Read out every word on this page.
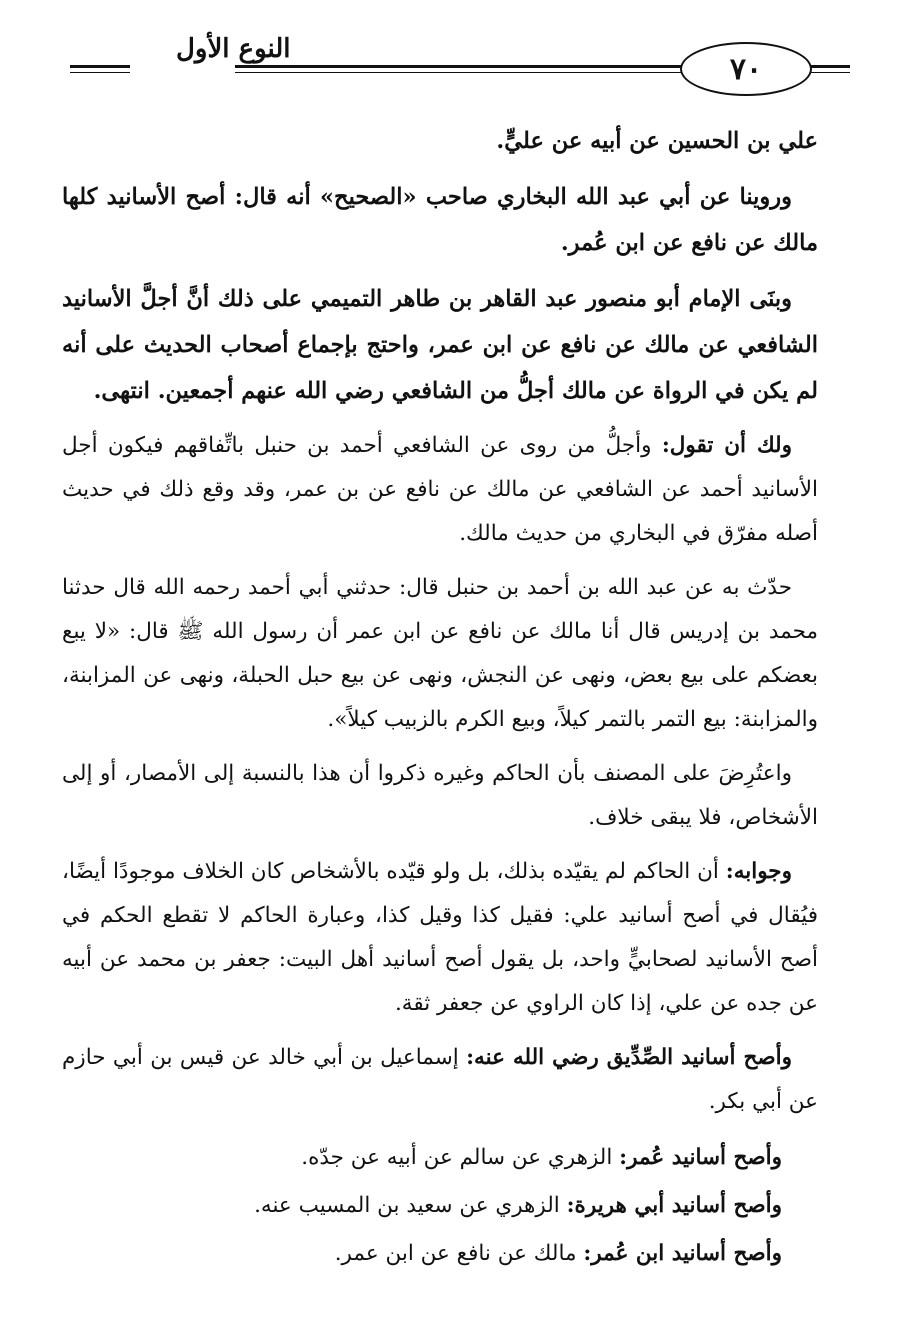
٧٠
النوع الأول

علي بن الحسين عن أبيه عن عليٍّ.

وروينا عن أبي عبد الله البخاري صاحب «الصحيح» أنه قال: أصح الأسانيد كلها مالك عن نافع عن ابن عُمر.

وبنَى الإمام أبو منصور عبد القاهر بن طاهر التميمي على ذلك أنَّ أجلَّ الأسانيد الشافعي عن مالك عن نافع عن ابن عمر، واحتج بإجماع أصحاب الحديث على أنه لم يكن في الرواة عن مالك أجلُّ من الشافعي رضي الله عنهم أجمعين. انتهى.

ولك أن تقول: وأجلُّ من روى عن الشافعي أحمد بن حنبل باتِّفاقهم فيكون أجل الأسانيد أحمد عن الشافعي عن مالك عن نافع عن بن عمر، وقد وقع ذلك في حديث أصله مفرّق في البخاري من حديث مالك.

حدّث به عن عبد الله بن أحمد بن حنبل قال: حدثني أبي أحمد رحمه الله قال حدثنا محمد بن إدريس قال أنا مالك عن نافع عن ابن عمر أن رسول الله ﷺ قال: «لا يبع بعضكم على بيع بعض، ونهى عن النجش، ونهى عن بيع حبل الحبلة، ونهى عن المزابنة، والمزابنة: بيع التمر بالتمر كيلاً، وبيع الكرم بالزبيب كيلاً».

واعتُرِضَ على المصنف بأن الحاكم وغيره ذكروا أن هذا بالنسبة إلى الأمصار، أو إلى الأشخاص، فلا يبقى خلاف.

وجوابه: أن الحاكم لم يقيّده بذلك، بل ولو قيّده بالأشخاص كان الخلاف موجودًا أيضًا، فيُقال في أصح أسانيد علي: فقيل كذا وقيل كذا، وعبارة الحاكم لا تقطع الحكم في أصح الأسانيد لصحابيٍّ واحد، بل يقول أصح أسانيد أهل البيت: جعفر بن محمد عن أبيه عن جده عن علي، إذا كان الراوي عن جعفر ثقة.

وأصح أسانيد الصِّدِّيق رضي الله عنه: إسماعيل بن أبي خالد عن قيس بن أبي حازم عن أبي بكر.

وأصح أسانيد عُمر: الزهري عن سالم عن أبيه عن جدّه.

وأصح أسانيد أبي هريرة: الزهري عن سعيد بن المسيب عنه.

وأصح أسانيد ابن عُمر: مالك عن نافع عن ابن عمر.
